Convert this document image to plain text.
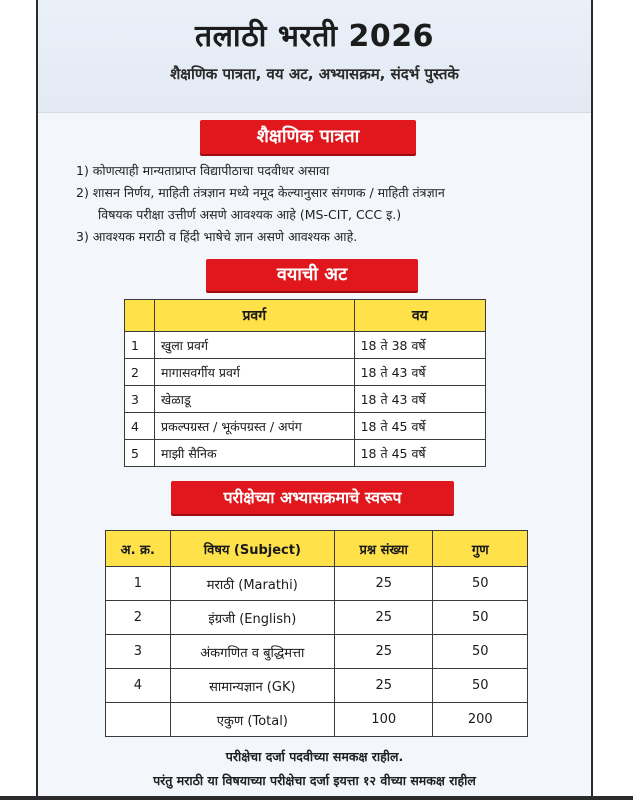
तलाठी भरती 2026
शैक्षणिक पात्रता, वय अट, अभ्यासक्रम, संदर्भ पुस्तके
शैक्षणिक पात्रता
1) कोणत्याही मान्यताप्राप्त विद्यापीठाचा पदवीधर असावा
2) शासन निर्णय, माहिती तंत्रज्ञान मध्ये नमूद केल्यानुसार संगणक / माहिती तंत्रज्ञान
विषयक परीक्षा उत्तीर्ण असणे आवश्यक आहे (MS-CIT, CCC इ.)
3) आवश्यक मराठी व हिंदी भाषेचे ज्ञान असणे आवश्यक आहे.
वयाची अट
	प्रवर्ग	वय
1	खुला प्रवर्ग	18 ते 38 वर्षे
2	मागासवर्गीय प्रवर्ग	18 ते 43 वर्षे
3	खेळाडू	18 ते 43 वर्षे
4	प्रकल्पग्रस्त / भूकंपग्रस्त / अपंग	18 ते 45 वर्षे
5	माझी सैनिक	18 ते 45 वर्षे
परीक्षेच्या अभ्यासक्रमाचे स्वरूप
अ. क्र.	विषय (Subject)	प्रश्न संख्या	गुण
1	मराठी (Marathi)	25	50
2	इंग्रजी (English)	25	50
3	अंकगणित व बुद्धिमत्ता	25	50
4	सामान्यज्ञान (GK)	25	50
	एकुण (Total)	100	200
परीक्षेचा दर्जा पदवीच्या समकक्ष राहील.
परंतु मराठी या विषयाच्या परीक्षेचा दर्जा इयत्ता १२ वीच्या समकक्ष राहील
